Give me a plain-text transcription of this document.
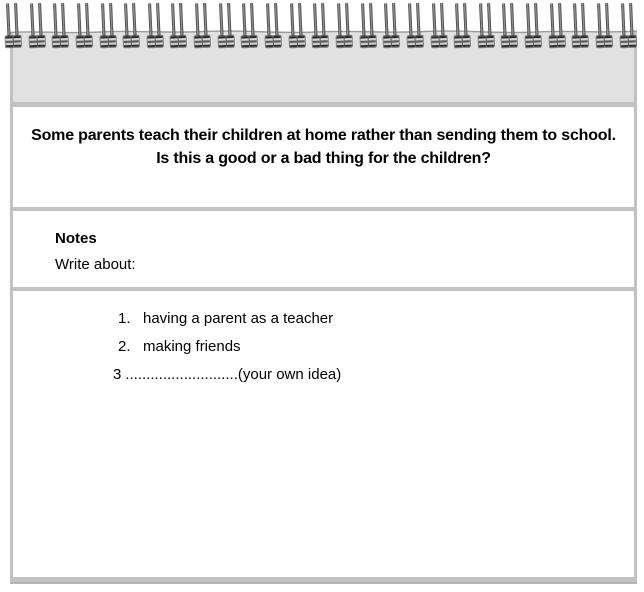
Some parents teach their children at home rather than sending them to school.
Is this a good or a bad thing for the children?
Notes
Write about:
1. having a parent as a teacher
2. making friends
3 ...........................(your own idea)
